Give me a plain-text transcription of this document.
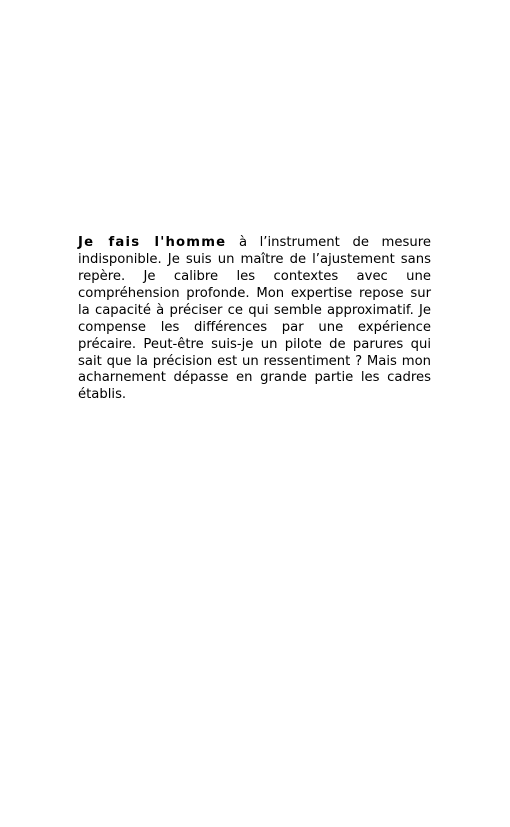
Je fais l'homme à l’instrument de mesure indisponible. Je suis un maître de l’ajustement sans repère. Je calibre les contextes avec une compréhension profonde. Mon expertise repose sur la capacité à préciser ce qui semble approximatif. Je compense les différences par une expérience précaire. Peut-être suis-je un pilote de parures qui sait que la précision est un ressentiment ? Mais mon acharnement dépasse en grande partie les cadres établis.
